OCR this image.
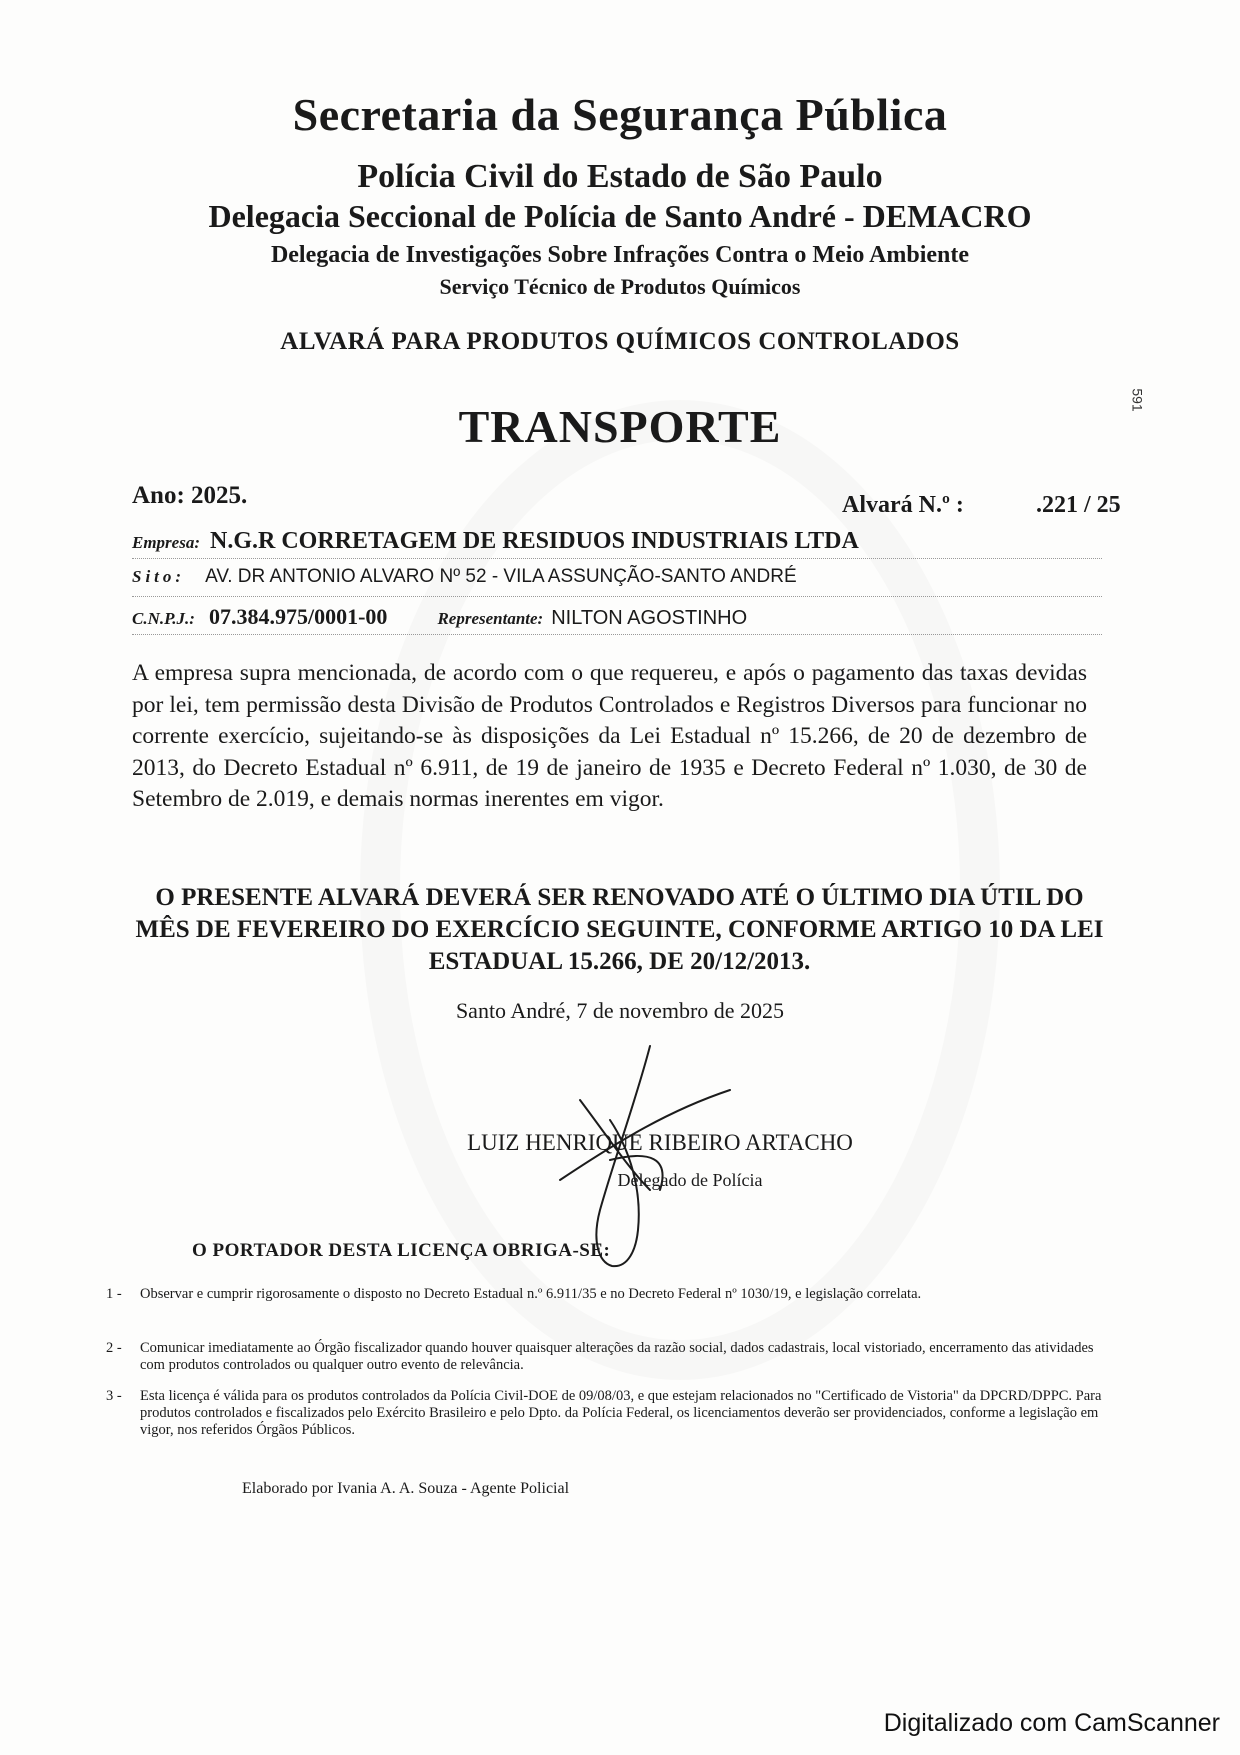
Secretaria da Segurança Pública
Polícia Civil do Estado de São Paulo
Delegacia Seccional de Polícia de Santo André - DEMACRO
Delegacia de Investigações Sobre Infrações Contra o Meio Ambiente
Serviço Técnico de Produtos Químicos
ALVARÁ PARA PRODUTOS QUÍMICOS CONTROLADOS
TRANSPORTE
591
Ano: 2025.	Alvará N.º :	.221 / 25
Empresa: N.G.R CORRETAGEM DE RESIDUOS INDUSTRIAIS LTDA
Sito: AV. DR ANTONIO ALVARO Nº 52 - VILA ASSUNÇÃO-SANTO ANDRÉ
C.N.P.J.: 07.384.975/0001-00	Representante: NILTON AGOSTINHO
A empresa supra mencionada, de acordo com o que requereu, e após o pagamento das taxas devidas por lei, tem permissão desta Divisão de Produtos Controlados e Registros Diversos para funcionar no corrente exercício, sujeitando-se às disposições da Lei Estadual nº 15.266, de 20 de dezembro de 2013, do Decreto Estadual nº 6.911, de 19 de janeiro de 1935 e Decreto Federal nº 1.030, de 30 de Setembro de 2.019, e demais normas inerentes em vigor.
O PRESENTE ALVARÁ DEVERÁ SER RENOVADO ATÉ O ÚLTIMO DIA ÚTIL DO MÊS DE FEVEREIRO DO EXERCÍCIO SEGUINTE, CONFORME ARTIGO 10 DA LEI ESTADUAL 15.266, DE 20/12/2013.
Santo André, 7 de novembro de 2025
LUIZ HENRIQUE RIBEIRO ARTACHO
Delegado de Polícia
O PORTADOR DESTA LICENÇA OBRIGA-SE:
1 -	Observar e cumprir rigorosamente o disposto no Decreto Estadual n.º 6.911/35 e no Decreto Federal nº 1030/19, e legislação correlata.
2 -	Comunicar imediatamente ao Órgão fiscalizador quando houver quaisquer alterações da razão social, dados cadastrais, local vistoriado, encerramento das atividades com produtos controlados ou qualquer outro evento de relevância.
3 -	Esta licença é válida para os produtos controlados da Polícia Civil-DOE de 09/08/03, e que estejam relacionados no "Certificado de Vistoria" da DPCRD/DPPC. Para produtos controlados e fiscalizados pelo Exército Brasileiro e pelo Dpto. da Polícia Federal, os licenciamentos deverão ser providenciados, conforme a legislação em vigor, nos referidos Órgãos Públicos.
Elaborado por Ivania A. A. Souza - Agente Policial
Digitalizado com CamScanner
